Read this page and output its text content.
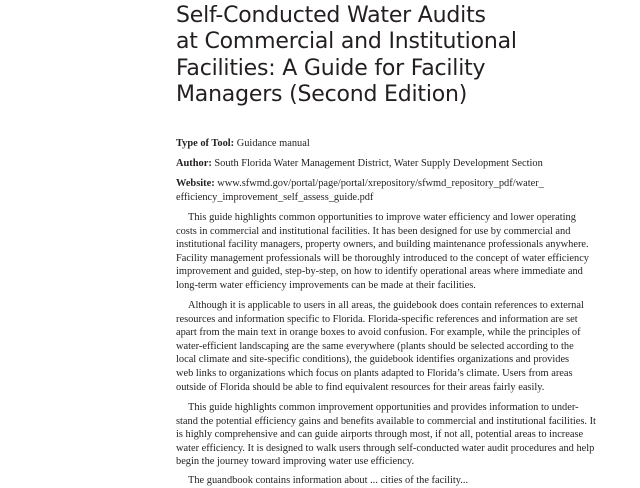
Self-Conducted Water Audits
at Commercial and Institutional
Facilities: A Guide for Facility
Managers (Second Edition)
Type of Tool: Guidance manual
Author: South Florida Water Management District, Water Supply Development Section
Website: www.sfwmd.gov/portal/page/portal/xrepository/sfwmd_repository_pdf/water_
efficiency_improvement_self_assess_guide.pdf
This guide highlights common opportunities to improve water efficiency and lower operating
costs in commercial and institutional facilities. It has been designed for use by commercial and
institutional facility managers, property owners, and building maintenance professionals anywhere.
Facility management professionals will be thoroughly introduced to the concept of water efficiency
improvement and guided, step-by-step, on how to identify operational areas where immediate and
long-term water efficiency improvements can be made at their facilities.
Although it is applicable to users in all areas, the guidebook does contain references to external
resources and information specific to Florida. Florida-specific references and information are set
apart from the main text in orange boxes to avoid confusion. For example, while the principles of
water-efficient landscaping are the same everywhere (plants should be selected according to the
local climate and site-specific conditions), the guidebook identifies organizations and provides
web links to organizations which focus on plants adapted to Florida’s climate. Users from areas
outside of Florida should be able to find equivalent resources for their areas fairly easily.
This guide highlights common improvement opportunities and provides information to under-
stand the potential efficiency gains and benefits available to commercial and institutional facilities. It
is highly comprehensive and can guide airports through most, if not all, potential areas to increase
water efficiency. It is designed to walk users through self-conducted water audit procedures and help
begin the journey toward improving water use efficiency.
The guandbook contains information about ... cities of the facility...
